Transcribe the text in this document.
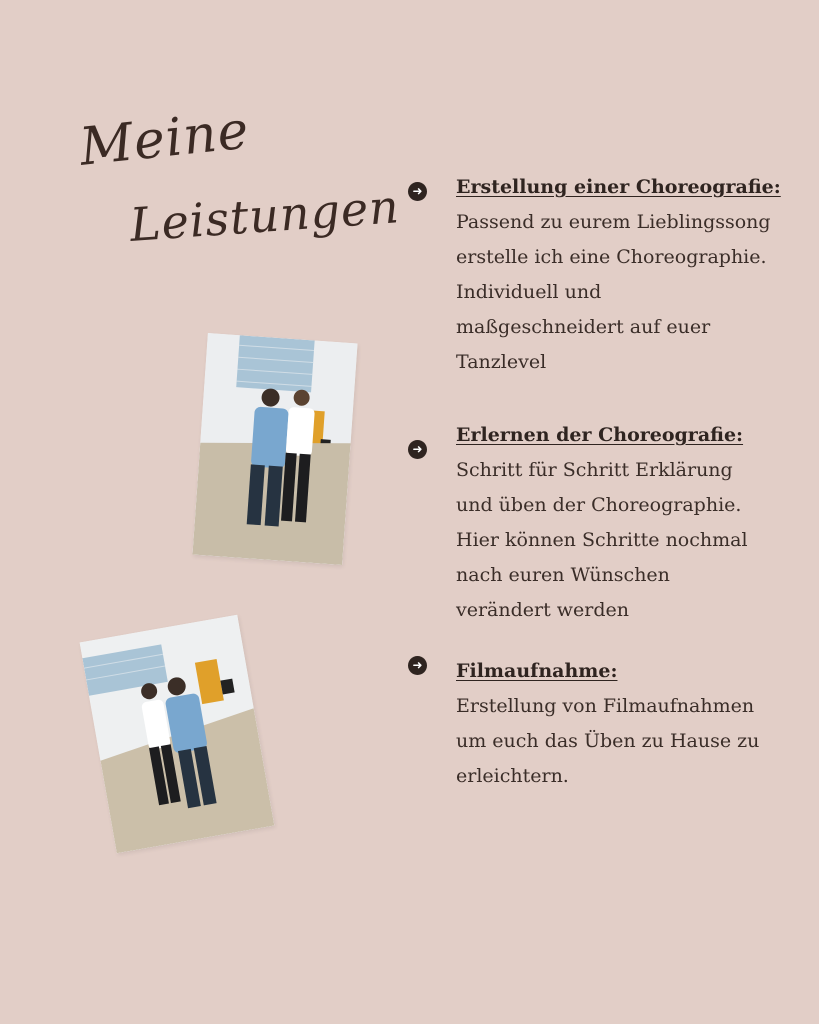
Meine
Leistungen ➜ Erstellung einer Choreografie:
Passend zu eurem Lieblingssong
erstelle ich eine Choreographie.
Individuell und
maßgeschneidert auf euer
Tanzlevel
➜
Erlernen der Choreografie:
Schritt für Schritt Erklärung
und üben der Choreographie.
Hier können Schritte nochmal
nach euren Wünschen
verändert werden
➜ Filmaufnahme:
Erstellung von Filmaufnahmen
um euch das Üben zu Hause zu
erleichtern.
